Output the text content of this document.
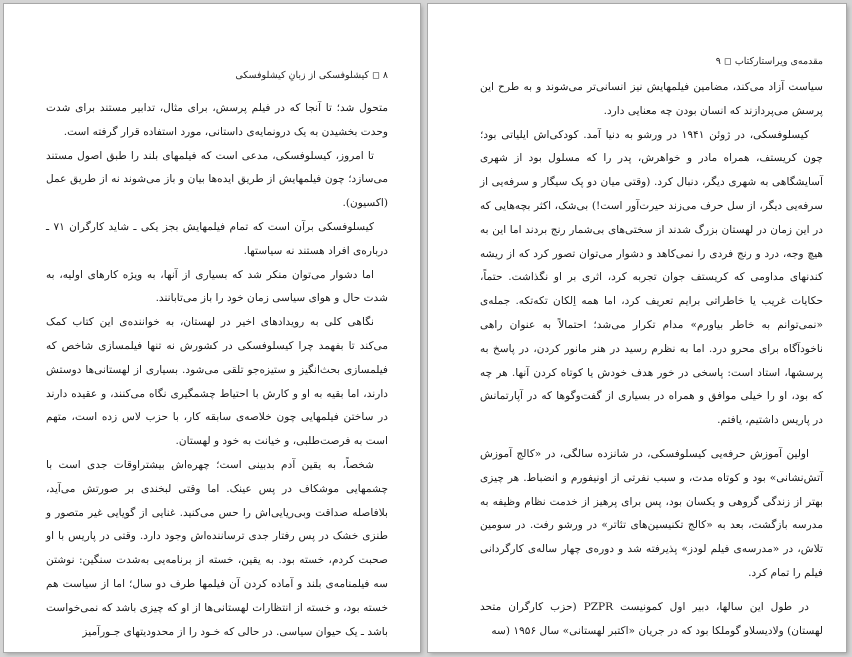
۸ ◻ کیشلوفسکی از زبانِ کیشلوفسکی

متحول شد؛ تا آنجا که در فیلم پرسش، برای مثال، تدابیر مستند برای شدت وحدت بخشیدن به یک درونمایه‌ی داستانی، مورد استفاده قرار گرفته است.

تا امروز، کیسلوفسکی، مدعی است که فیلمهای بلند را طبق اصول مستند می‌سازد؛ چون فیلمهایش از طریق ایده‌ها بیان و باز می‌شوند نه از طریق عمل (اکسیون).

کیسلوفسکی برآن است که تمام فیلمهایش بجز یکی ـ شاید کارگران ۷۱ ـ درباره‌ی افراد هستند نه سیاستها.

اما دشوار می‌توان منکر شد که بسیاری از آنها، به ویژه کارهای اولیه، به شدت حال و هوای سیاسی زمان خود را باز می‌تابانند.

نگاهی کلی به رویدادهای اخیر در لهستان، به خواننده‌ی این کتاب کمک می‌کند تا بفهمد چرا کیسلوفسکی در کشورش نه تنها فیلمسازی شاخص که فیلمسازی بحث‌انگیز و ستیزه‌جو تلقی می‌شود. بسیاری از لهستانی‌ها دوستش دارند، اما بقیه به او و کارش با احتیاط چشمگیری نگاه می‌کنند، و عقیده دارند در ساختن فیلمهایی چون خلاصه‌ی سابقه‌ کار، با حزب لاس زده است، متهم است به فرصت‌طلبی، و خیانت به خود و لهستان.

شخصاً، به یقین آدم بدبینی است؛ چهره‌اش بیشتراوقات جدی است با چشمهایی موشکاف در پس عینک. اما وقتی لبخندی بر صورتش می‌آید، بلافاصله صداقت وبی‌ریایی‌اش را حس می‌کنید. غنایی از گویایی غیر متصور و طنزی خشک در پس رفتار جدی ترساننده‌اش وجود دارد. وقتی در پاریس با او صحبت کردم، خسته بود. به یقین، خسته از برنامه‌یی به‌شدت سنگین: نوشتن سه فیلمنامه‌ی بلند و آماده کردن آن فیلمها طرف دو سال؛ اما از سیاست هم خسته بود، و خسته از انتظارات لهستانی‌ها از او که چیزی باشد که نمی‌خواست باشد ـ یک حیوان سیاسی. در حالی که خـود را از محدودیتهای جـورآمیز

مقدمه‌ی ویراستارکتاب ◻ ۹

سیاست آزاد می‌کند، مضامین فیلمهایش نیز انسانی‌تر می‌شوند و به طرح این پرسش می‌پردازند که انسان بودن چه معنایی دارد.

کیسلوفسکی، در ژوئن ۱۹۴۱ در ورشو به دنیا آمد. کودکی‌اش ایلیاتی بود؛ چون کریستف، همراه مادر و خواهرش، پدر را که مسلول بود از شهری آسایشگاهی به شهری دیگر، دنبال کرد. (وقتی میان دو پک سیگار و سرفه‌یی از سرفه‌یی دیگر، از سل حرف می‌زند حیرت‌آور است!) بی‌شک، اکثر بچه‌هایی که در این زمان در لهستان بزرگ شدند از سختی‌های بی‌شمار رنج بردند اما این به هیچ وجه، درد و رنج فردی را نمی‌کاهد و دشوار می‌توان تصور کرد که از ریشه کندنهای مداومی که کریستف جوان تجربه کرد، اثری بر او نگذاشت. حتماً، حکایات غریب یا خاطراتی برایم تعریف کرد، اما همه اِلکان تکه‌تکه. جمله‌ی «نمی‌توانم به خاطر بیاورم» مدام تکرار می‌شد؛ احتمالاً به عنوان راهی ناخودآگاه برای محرو درد. اما به نظرم رسید در هنر مانور کردن، در پاسخ به پرسشها، استاد است: پاسخی در خور هدف خودش یا کوتاه کردن آنها. هر چه که بود، او را خیلی موافق و همراه در بسیاری از گفت‌وگوها که در آپارتمانش در پاریس داشتیم، یافتم.

اولین آموزش حرفه‌یی کیسلوفسکی، در شانزده سالگی، در «کالج آموزش آتش‌نشانی» بود و کوتاه مدت، و سبب نفرتی از اونیفورم و انضباط. هر چیزی بهتر از زندگی گروهی و یکسان بود، پس برای پرهیز از خدمت نظام وظیفه به مدرسه بازگشت، بعد به «کالج تکنیسین‌های تئاتر» در ورشو رفت. در سومین تلاش، در «مدرسه‌ی فیلم لودز» پذیرفته شد و دوره‌ی چهار ساله‌ی کارگردانی فیلم را تمام کرد.

در طول این سالها، دبیر اول کمونیست PZPR (حزب کارگران متحد لهستان) ولادیسلاو گوملکا بود که در جریان «اکتبر لهستانی» سال ۱۹۵۶ (سه
